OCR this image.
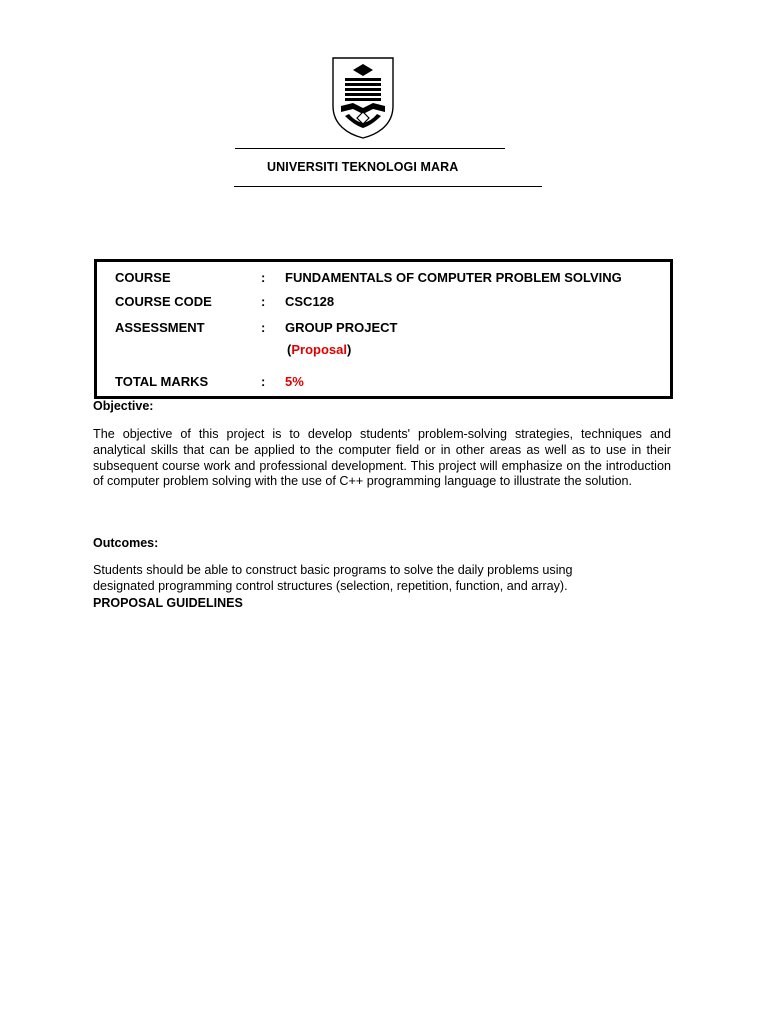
UNIVERSITI TEKNOLOGI MARA
COURSE	: FUNDAMENTALS OF COMPUTER PROBLEM SOLVING
COURSE CODE	: CSC128
ASSESSMENT	: GROUP PROJECT
(Proposal)
TOTAL MARKS	: 5%
Objective:
The objective of this project is to develop students' problem-solving strategies, techniques and analytical skills that can be applied to the computer field or in other areas as well as to use in their subsequent course work and professional development. This project will emphasize on the introduction of computer problem solving with the use of C++ programming language to illustrate the solution.
Outcomes:
Students should be able to construct basic programs to solve the daily problems using
designated programming control structures (selection, repetition, function, and array).
PROPOSAL GUIDELINES
